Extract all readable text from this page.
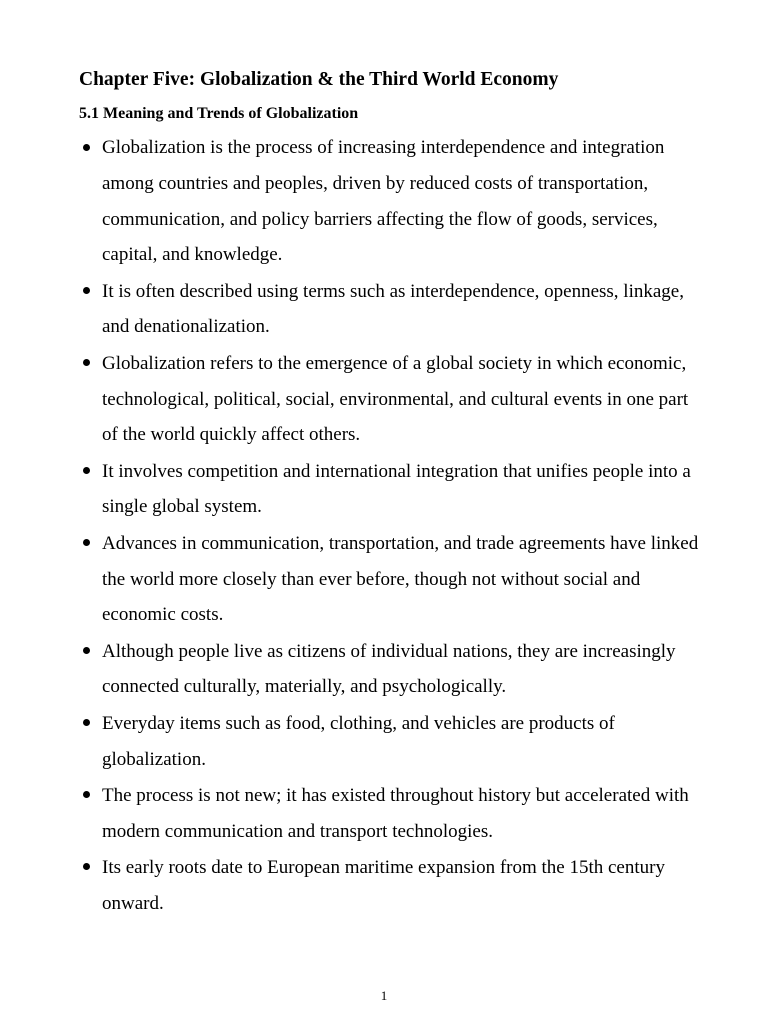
Chapter Five: Globalization & the Third World Economy
5.1 Meaning and Trends of Globalization
Globalization is the process of increasing interdependence and integration among countries and peoples, driven by reduced costs of transportation, communication, and policy barriers affecting the flow of goods, services, capital, and knowledge.
It is often described using terms such as interdependence, openness, linkage, and denationalization.
Globalization refers to the emergence of a global society in which economic, technological, political, social, environmental, and cultural events in one part of the world quickly affect others.
It involves competition and international integration that unifies people into a single global system.
Advances in communication, transportation, and trade agreements have linked the world more closely than ever before, though not without social and economic costs.
Although people live as citizens of individual nations, they are increasingly connected culturally, materially, and psychologically.
Everyday items such as food, clothing, and vehicles are products of globalization.
The process is not new; it has existed throughout history but accelerated with modern communication and transport technologies.
Its early roots date to European maritime expansion from the 15th century onward.
1
